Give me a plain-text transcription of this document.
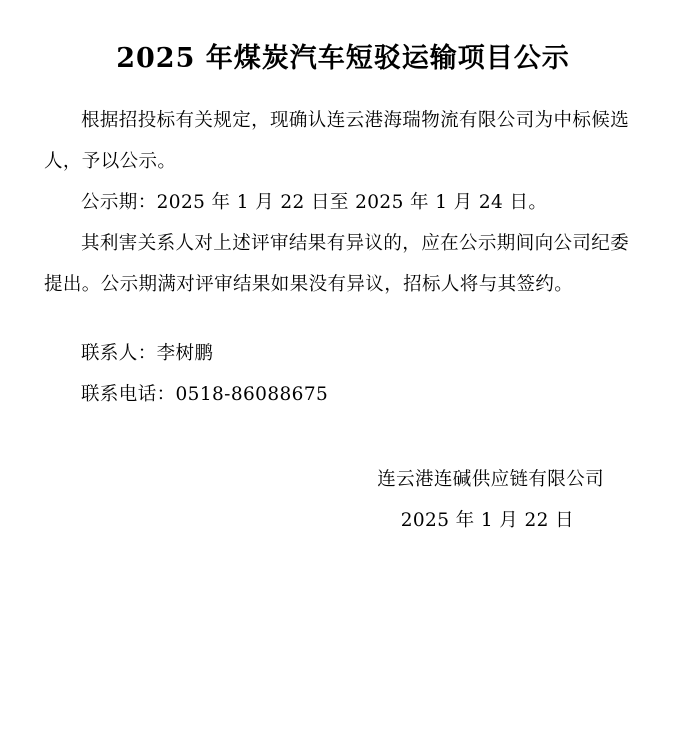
2025 年煤炭汽车短驳运输项目公示

根据招投标有关规定，现确认连云港海瑞物流有限公司为中标候选人，予以公示。

公示期：2025 年 1 月 22 日至 2025 年 1 月 24 日。

其利害关系人对上述评审结果有异议的，应在公示期间向公司纪委提出。公示期满对评审结果如果没有异议，招标人将与其签约。

联系人：李树鹏

联系电话：0518-86088675

连云港连碱供应链有限公司

2025 年 1 月 22 日
